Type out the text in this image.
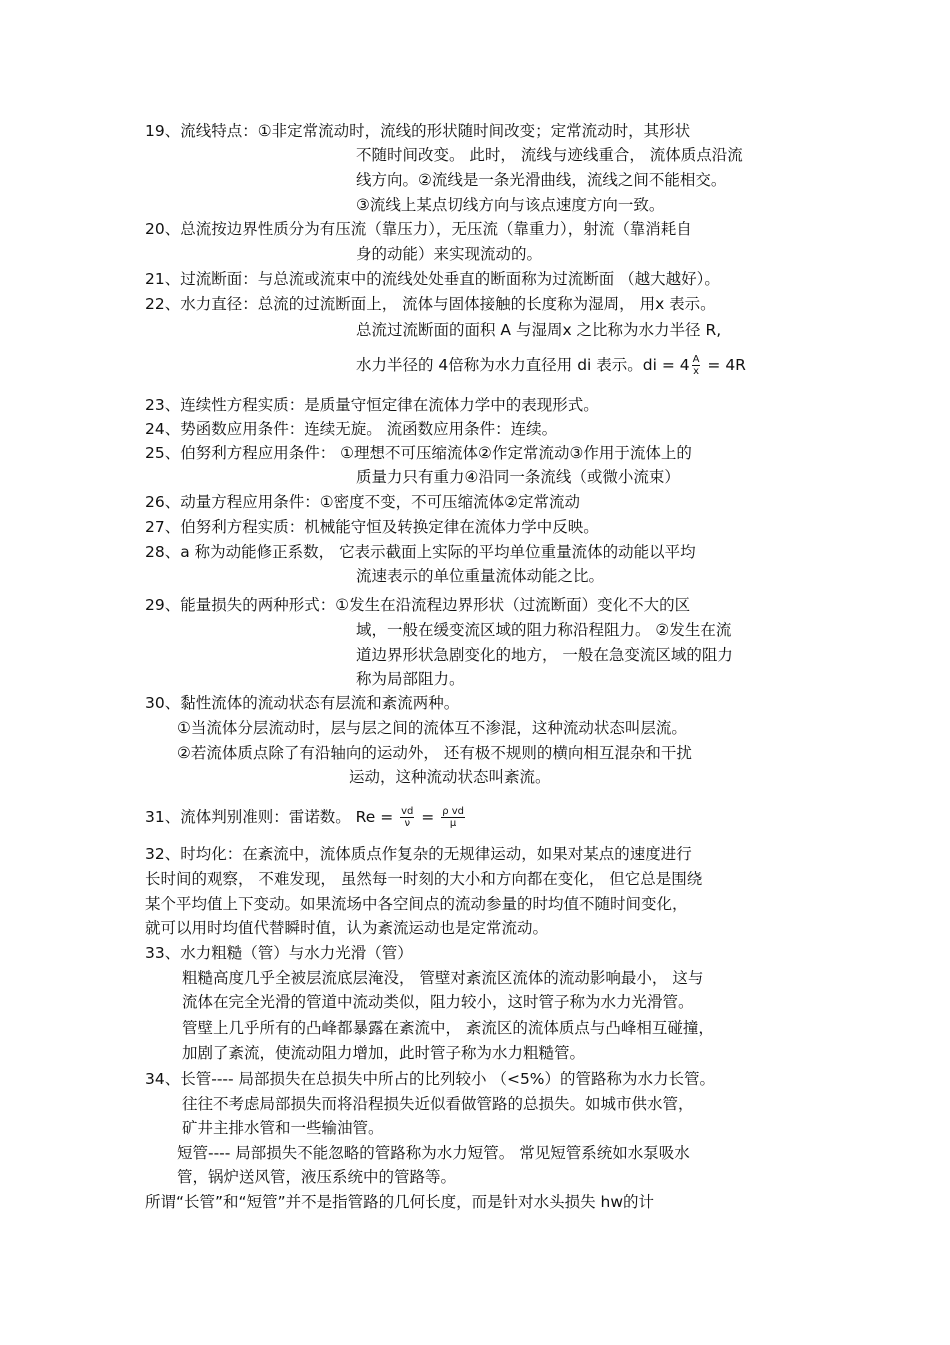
19、流线特点：①非定常流动时，流线的形状随时间改变；定常流动时，其形状
不随时间改变。 此时， 流线与迹线重合， 流体质点沿流
线方向。②流线是一条光滑曲线，流线之间不能相交。
③流线上某点切线方向与该点速度方向一致。
20、总流按边界性质分为有压流（靠压力），无压流（靠重力），射流（靠消耗自
身的动能）来实现流动的。
21、过流断面：与总流或流束中的流线处处垂直的断面称为过流断面 （越大越好）。
22、水力直径：总流的过流断面上， 流体与固体接触的长度称为湿周， 用x 表示。
总流过流断面的面积 A 与湿周x 之比称为水力半径 R,
水力半径的 4倍称为水力直径用 di 表示。di = $4 \frac{A}{x} = 4R$
23、连续性方程实质：是质量守恒定律在流体力学中的表现形式。
24、势函数应用条件：连续无旋。 流函数应用条件：连续。
25、伯努利方程应用条件： ①理想不可压缩流体②作定常流动③作用于流体上的
质量力只有重力④沿同一条流线（或微小流束）
26、动量方程应用条件：①密度不变，不可压缩流体②定常流动
27、伯努利方程实质：机械能守恒及转换定律在流体力学中反映。
28、a 称为动能修正系数， 它表示截面上实际的平均单位重量流体的动能以平均
流速表示的单位重量流体动能之比。
29、能量损失的两种形式：①发生在沿流程边界形状（过流断面）变化不大的区
域，一般在缓变流区域的阻力称沿程阻力。 ②发生在流
道边界形状急剧变化的地方， 一般在急变流区域的阻力
称为局部阻力。
30、黏性流体的流动状态有层流和紊流两种。
①当流体分层流动时，层与层之间的流体互不渗混，这种流动状态叫层流。
②若流体质点除了有沿轴向的运动外， 还有极不规则的横向相互混杂和干扰
运动，这种流动状态叫紊流。
31、流体判别准则：雷诺数。 $Re = \frac{vd}{\nu} = \frac{\text{ρ vd}}{\mu}$
32、时均化：在紊流中，流体质点作复杂的无规律运动，如果对某点的速度进行
长时间的观察， 不难发现， 虽然每一时刻的大小和方向都在变化， 但它总是围绕
某个平均值上下变动。如果流场中各空间点的流动参量的时均值不随时间变化，
就可以用时均值代替瞬时值，认为紊流运动也是定常流动。
33、水力粗糙（管）与水力光滑（管）
粗糙高度几乎全被层流底层淹没， 管壁对紊流区流体的流动影响最小， 这与
流体在完全光滑的管道中流动类似，阻力较小，这时管子称为水力光滑管。
管壁上几乎所有的凸峰都暴露在紊流中， 紊流区的流体质点与凸峰相互碰撞，
加剧了紊流，使流动阻力增加，此时管子称为水力粗糙管。
34、长管---- 局部损失在总损失中所占的比列较小 （<5%）的管路称为水力长管。
往往不考虑局部损失而将沿程损失近似看做管路的总损失。如城市供水管，
矿井主排水管和一些输油管。
短管---- 局部损失不能忽略的管路称为水力短管。 常见短管系统如水泵吸水
管，锅炉送风管，液压系统中的管路等。
所谓“长管”和“短管”并不是指管路的几何长度，而是针对水头损失 hw的计
